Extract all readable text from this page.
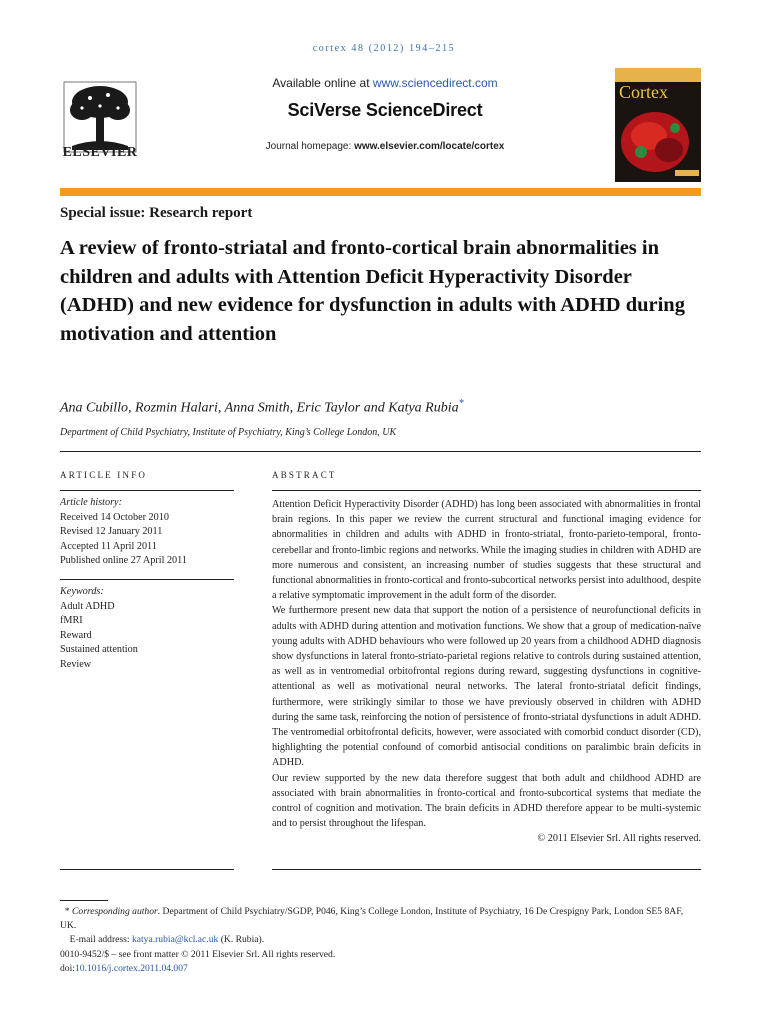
cortex 48 (2012) 194–215
ELSEVIER
Available online at www.sciencedirect.com
SciVerse ScienceDirect
Journal homepage: www.elsevier.com/locate/cortex
Cortex
Special issue: Research report
A review of fronto-striatal and fronto-cortical brain abnormalities in children and adults with Attention Deficit Hyperactivity Disorder (ADHD) and new evidence for dysfunction in adults with ADHD during motivation and attention
Ana Cubillo, Rozmin Halari, Anna Smith, Eric Taylor and Katya Rubia*
Department of Child Psychiatry, Institute of Psychiatry, King’s College London, UK
ARTICLE INFO
Article history:
Received 14 October 2010
Revised 12 January 2011
Accepted 11 April 2011
Published online 27 April 2011
Keywords:
Adult ADHD
fMRI
Reward
Sustained attention
Review
ABSTRACT

Attention Deficit Hyperactivity Disorder (ADHD) has long been associated with abnormalities in frontal brain regions. In this paper we review the current structural and functional imaging evidence for abnormalities in children and adults with ADHD in fronto-striatal, fronto-parieto-temporal, fronto-cerebellar and fronto-limbic regions and networks. While the imaging studies in children with ADHD are more numerous and consistent, an increasing number of studies suggests that these structural and functional abnormalities in fronto-cortical and fronto-subcortical networks persist into adulthood, despite a relative symptomatic improvement in the adult form of the disorder.

We furthermore present new data that support the notion of a persistence of neurofunctional deficits in adults with ADHD during attention and motivation functions. We show that a group of medication-naïve young adults with ADHD behaviours who were followed up 20 years from a childhood ADHD diagnosis show dysfunctions in lateral fronto-striato-parietal regions relative to controls during sustained attention, as well as in ventromedial orbitofrontal regions during reward, suggesting dysfunctions in cognitive-attentional as well as motivational neural networks. The lateral fronto-striatal deficit findings, furthermore, were strikingly similar to those we have previously observed in children with ADHD during the same task, reinforcing the notion of persistence of fronto-striatal dysfunctions in adult ADHD. The ventromedial orbitofrontal deficits, however, were associated with comorbid conduct disorder (CD), highlighting the potential confound of comorbid antisocial conditions on paralimbic brain deficits in ADHD.

Our review supported by the new data therefore suggest that both adult and childhood ADHD are associated with brain abnormalities in fronto-cortical and fronto-subcortical systems that mediate the control of cognition and motivation. The brain deficits in ADHD therefore appear to be multi-systemic and to persist throughout the lifespan.

© 2011 Elsevier Srl. All rights reserved.

* Corresponding author. Department of Child Psychiatry/SGDP, P046, King’s College London, Institute of Psychiatry, 16 De Crespigny Park, London SE5 8AF, UK.

E-mail address: katya.rubia@kcl.ac.uk (K. Rubia).

0010-9452/$ – see front matter © 2011 Elsevier Srl. All rights reserved.

doi:10.1016/j.cortex.2011.04.007
